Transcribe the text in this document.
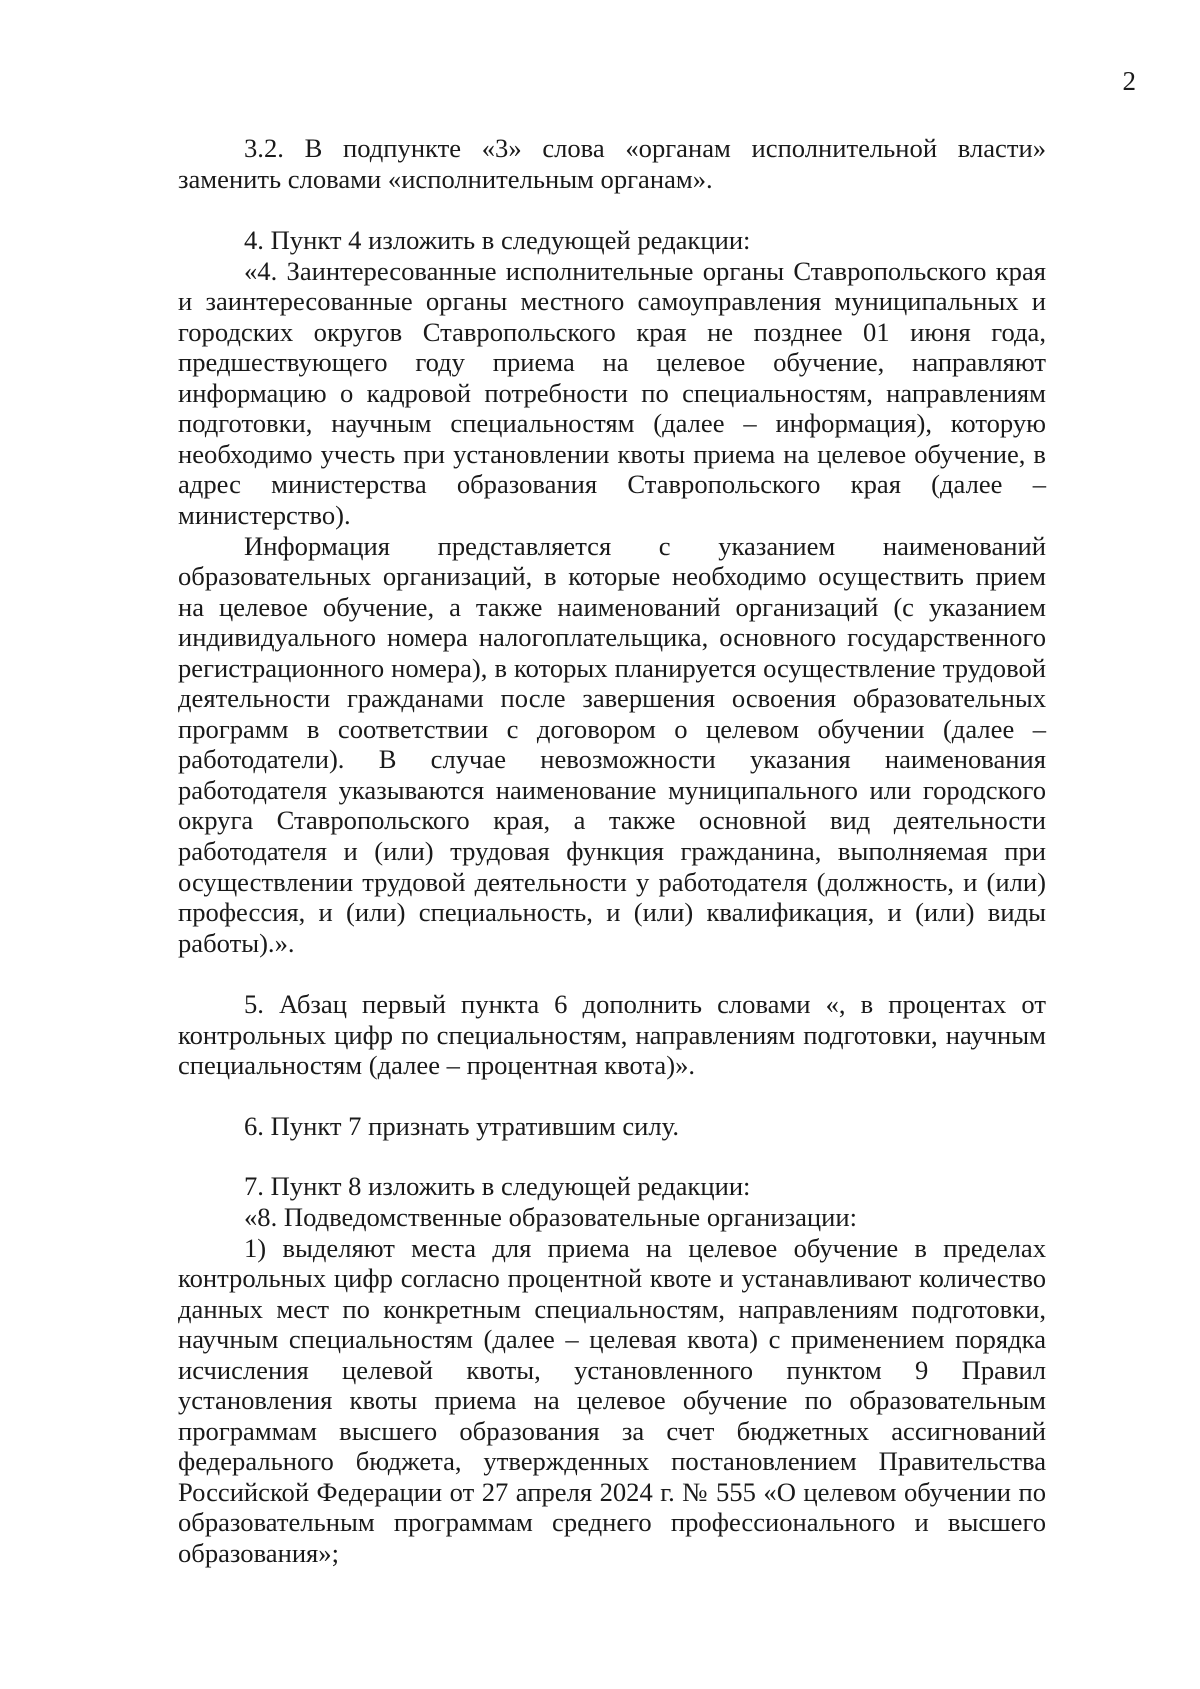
2

3.2. В подпункте «3» слова «органам исполнительной власти» заменить словами «исполнительным органам».

4. Пункт 4 изложить в следующей редакции:

«4. Заинтересованные исполнительные органы Ставропольского края и заинтересованные органы местного самоуправления муниципальных и городских округов Ставропольского края не позднее 01 июня года, предшествующего году приема на целевое обучение, направляют информацию о кадровой потребности по специальностям, направлениям подготовки, научным специальностям (далее – информация), которую необходимо учесть при установлении квоты приема на целевое обучение, в адрес министерства образования Ставропольского края (далее – министерство).

Информация представляется с указанием наименований образовательных организаций, в которые необходимо осуществить прием на целевое обучение, а также наименований организаций (с указанием индивидуального номера налогоплательщика, основного государственного регистрационного номера), в которых планируется осуществление трудовой деятельности гражданами после завершения освоения образовательных программ в соответствии с договором о целевом обучении (далее – работодатели). В случае невозможности указания наименования работодателя указываются наименование муниципального или городского округа Ставропольского края, а также основной вид деятельности работодателя и (или) трудовая функция гражданина, выполняемая при осуществлении трудовой деятельности у работодателя (должность, и (или) профессия, и (или) специальность, и (или) квалификация, и (или) виды работы).».

5. Абзац первый пункта 6 дополнить словами «, в процентах от контрольных цифр по специальностям, направлениям подготовки, научным специальностям (далее – процентная квота)».

6. Пункт 7 признать утратившим силу.

7. Пункт 8 изложить в следующей редакции:

«8. Подведомственные образовательные организации:

1) выделяют места для приема на целевое обучение в пределах контрольных цифр согласно процентной квоте и устанавливают количество данных мест по конкретным специальностям, направлениям подготовки, научным специальностям (далее – целевая квота) с применением порядка исчисления целевой квоты, установленного пунктом 9 Правил установления квоты приема на целевое обучение по образовательным программам высшего образования за счет бюджетных ассигнований федерального бюджета, утвержденных постановлением Правительства Российской Федерации от 27 апреля 2024 г. № 555 «О целевом обучении по образовательным программам среднего профессионального и высшего образования»;
